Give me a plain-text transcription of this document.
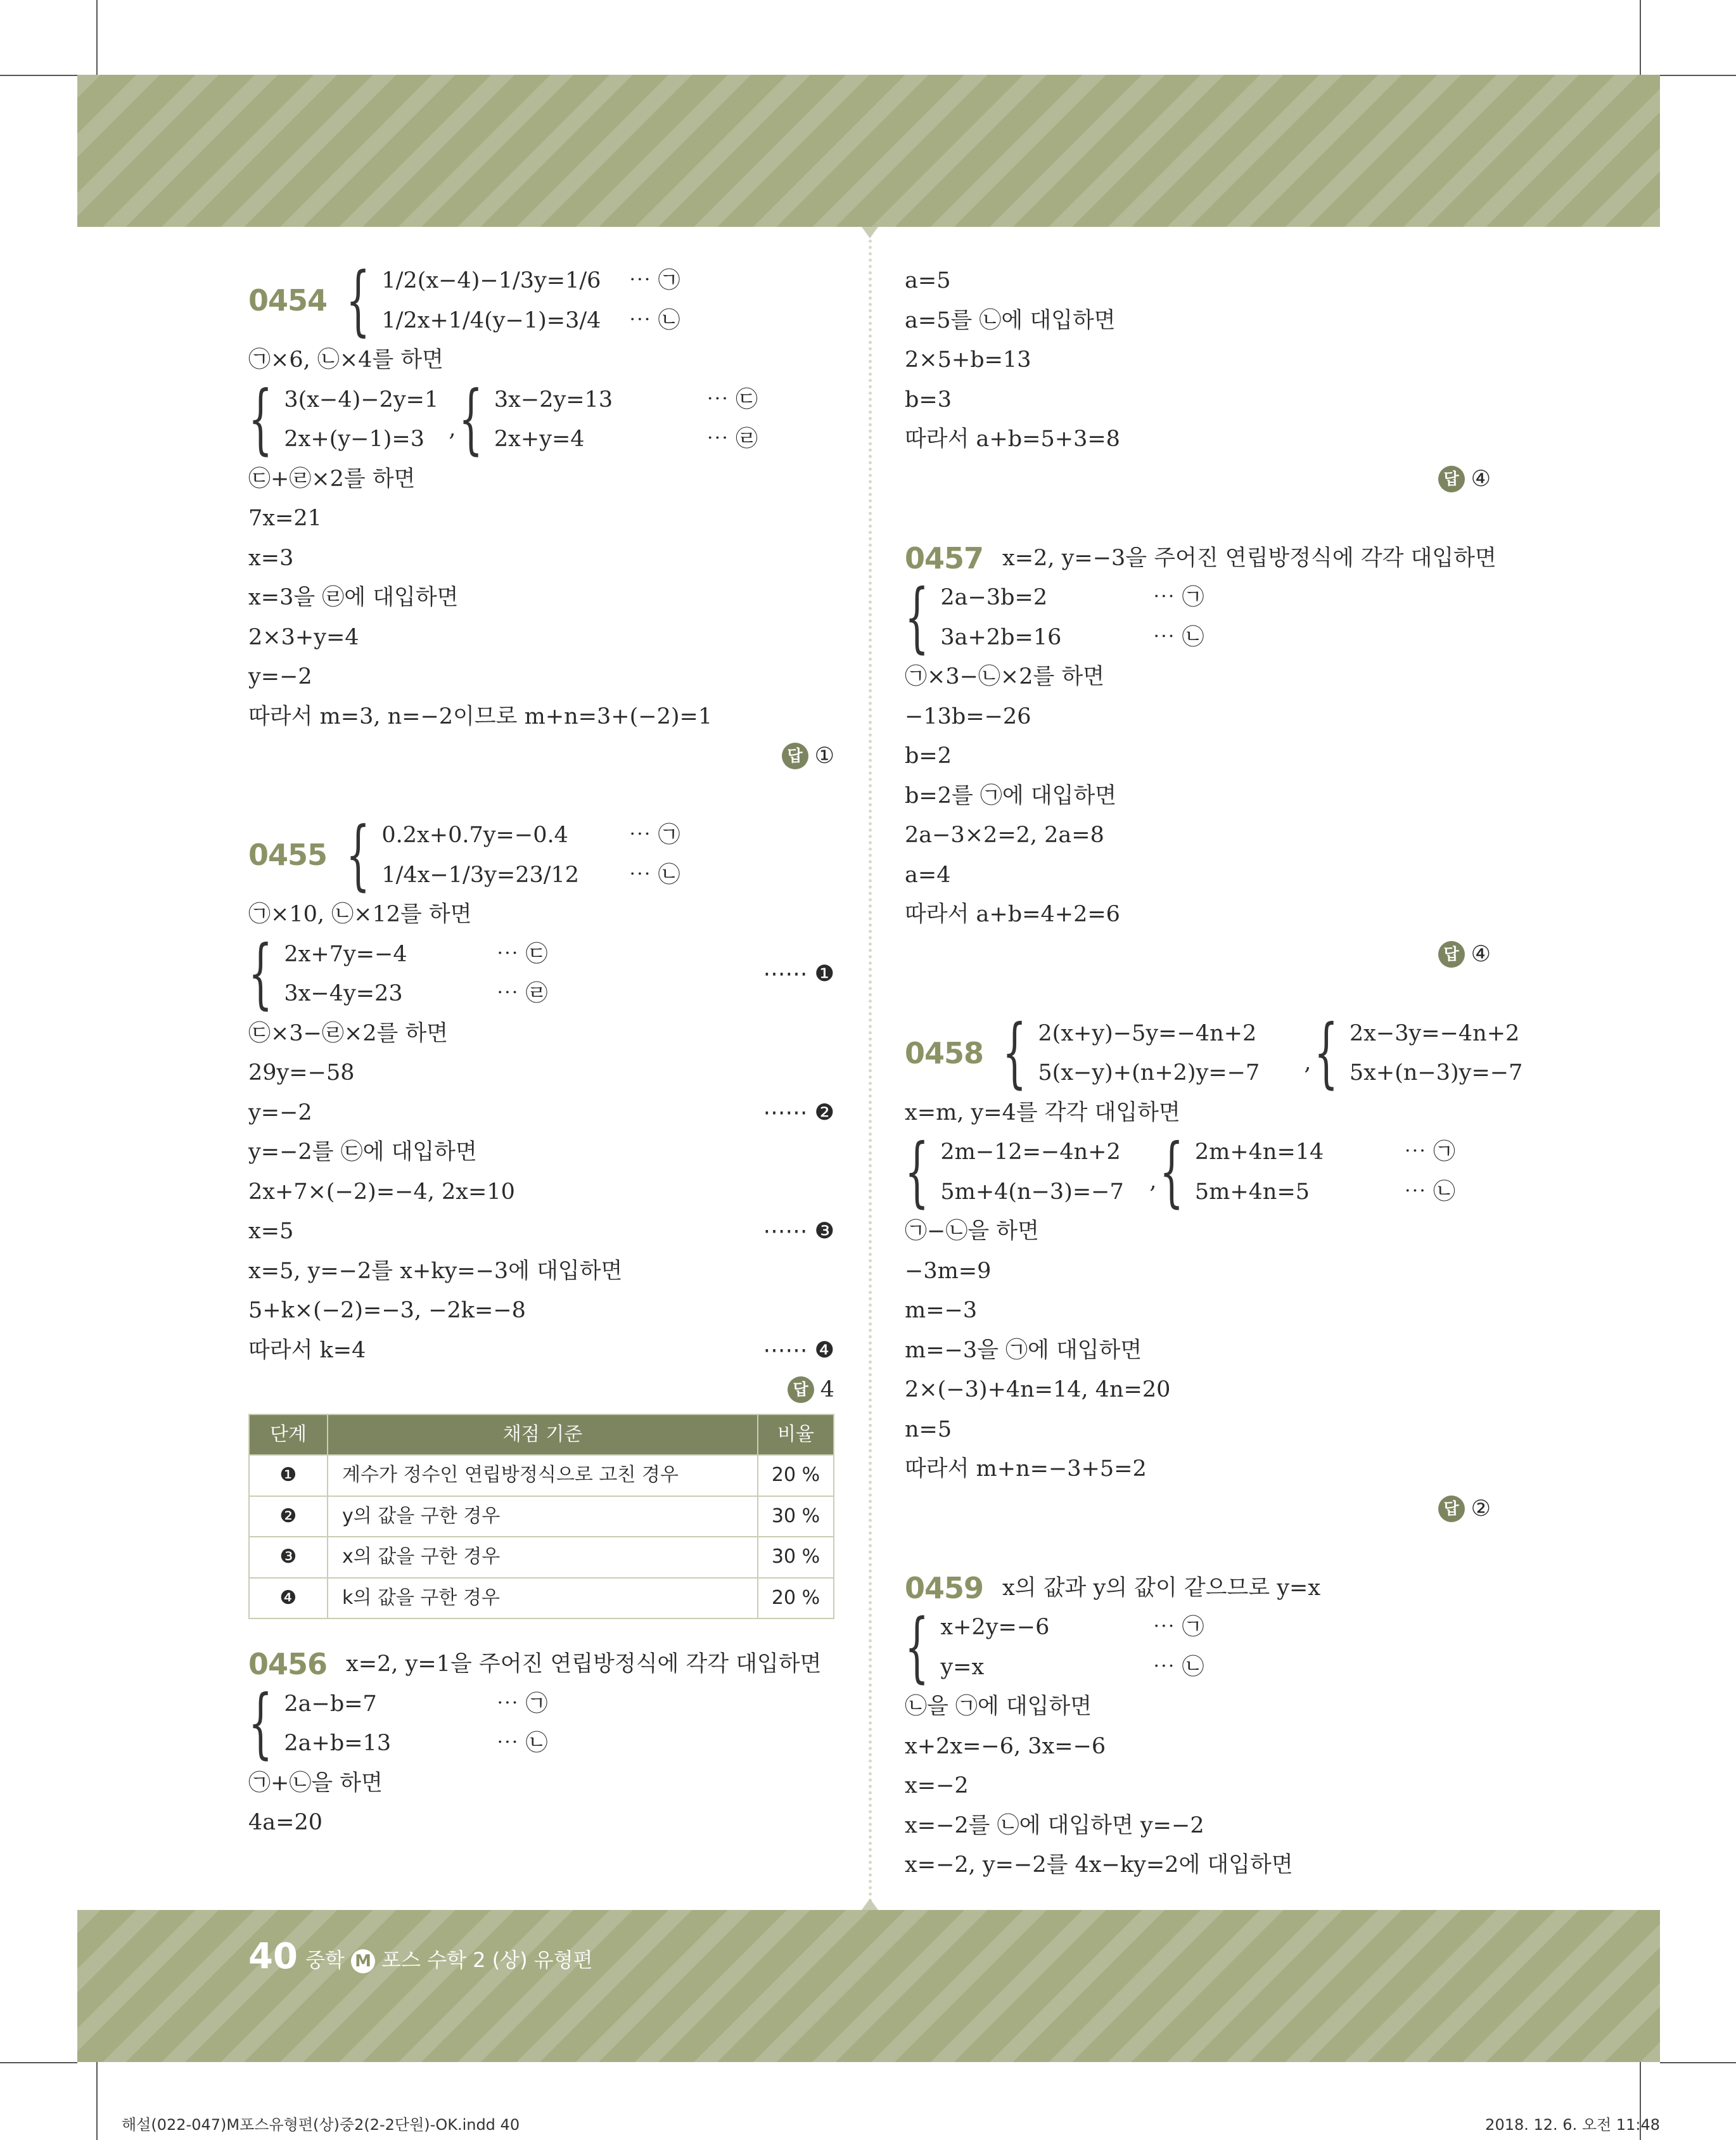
0454 { 1/2(x−4)−1/3y=1/6
1/2x+1/4(y−1)=3/4
⋯ ㉠
⋯ ㉡
㉠×6, ㉡×4를 하면
{ 3(x−4)−2y=1
2x+(y−1)=3	, { 3x−2y=13
2x+y=4
⋯ ㉢
⋯ ㉣
㉢+㉣×2를 하면
7x=21
x=3
x=3을 ㉣에 대입하면
2×3+y=4
y=−2
따라서 m=3, n=−2이므로 m+n=3+(−2)=1
답 ①
0455 { 0.2x+0.7y=−0.4
1/4x−1/3y=23/12
⋯ ㉠
⋯ ㉡
㉠×10, ㉡×12를 하면
{ 2x+7y=−4
3x−4y=23
⋯ ㉢
⋯ ㉣
⋯⋯ ❶
㉢×3−㉣×2를 하면
29y=−58
y=−2	⋯⋯ ❷
y=−2를 ㉢에 대입하면
2x+7×(−2)=−4, 2x=10
x=5	⋯⋯ ❸
x=5, y=−2를 x+ky=−3에 대입하면
5+k×(−2)=−3, −2k=−8
따라서 k=4	⋯⋯ ❹
답 4
단계	채점 기준	비율
❶	계수가 정수인 연립방정식으로 고친 경우	20 %
❷	y의 값을 구한 경우	30 %
❸	x의 값을 구한 경우	30 %
❹	k의 값을 구한 경우	20 %
0456 x=2, y=1을 주어진 연립방정식에 각각 대입하면
{ 2a−b=7
2a+b=13
⋯ ㉠
⋯ ㉡
㉠+㉡을 하면
4a=20
a=5
a=5를 ㉡에 대입하면
2×5+b=13
b=3
따라서 a+b=5+3=8
답 ④
0457 x=2, y=−3을 주어진 연립방정식에 각각 대입하면
{ 2a−3b=2
3a+2b=16
⋯ ㉠
⋯ ㉡
㉠×3−㉡×2를 하면
−13b=−26
b=2
b=2를 ㉠에 대입하면
2a−3×2=2, 2a=8
a=4
따라서 a+b=4+2=6
답 ④
0458 { 2(x+y)−5y=−4n+2
5(x−y)+(n+2)y=−7	, { 2x−3y=−4n+2
5x+(n−3)y=−7
x=m, y=4를 각각 대입하면
{ 2m−12=−4n+2
5m+4(n−3)=−7	, { 2m+4n=14
5m+4n=5
⋯ ㉠
⋯ ㉡
㉠−㉡을 하면
−3m=9
m=−3
m=−3을 ㉠에 대입하면
2×(−3)+4n=14, 4n=20
n=5
따라서 m+n=−3+5=2
답 ②
0459 x의 값과 y의 값이 같으므로 y=x
{ x+2y=−6
y=x
⋯ ㉠
⋯ ㉡
㉡을 ㉠에 대입하면
x+2x=−6, 3x=−6
x=−2
x=−2를 ㉡에 대입하면 y=−2
x=−2, y=−2를 4x−ky=2에 대입하면
40 중학 M 포스 수학 2 (상) 유형편
해설(022-047)M포스유형편(상)중2(2-2단원)-OK.indd 40	2018. 12. 6. 오전 11:48
